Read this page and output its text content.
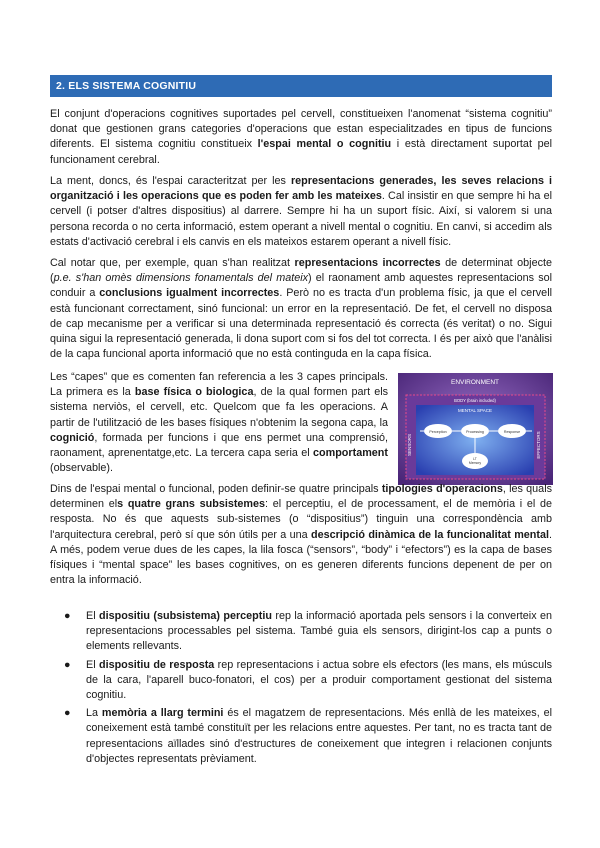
2. ELS SISTEMA COGNITIU

El conjunt d'operacions cognitives suportades pel cervell, constitueixen l'anomenat “sistema cognitiu” donat que gestionen grans categories d'operacions que estan especialitzades en tipus de funcions diferents. El sistema cognitiu constitueix l'espai mental o cognitiu i està directament suportat pel funcionament cerebral.

La ment, doncs, és l'espai caracteritzat per les representacions generades, les seves relacions i organització i les operacions que es poden fer amb les mateixes. Cal insistir en que sempre hi ha el cervell (i potser d'altres dispositius) al darrere. Sempre hi ha un suport físic. Així, si valorem si una persona recorda o no certa informació, estem operant a nivell mental o cognitiu. En canvi, si accedim als estats d'activació cerebral i els canvis en els mateixos estarem operant a nivell físic.

Cal notar que, per exemple, quan s'han realitzat representacions incorrectes de determinat objecte (p.e. s'han omès dimensions fonamentals del mateix) el raonament amb aquestes representacions sol conduir a conclusions igualment incorrectes. Però no es tracta d'un problema físic, ja que el cervell està funcionant correctament, sinó funcional: un error en la representació. De fet, el cervell no disposa de cap mecanisme per a verificar si una determinada representació és correcta (és veritat) o no. Sigui quina sigui la representació generada, li dona suport com si fos del tot correcta. I és per això que l'anàlisi de la capa funcional aporta informació que no està continguda en la capa física.

Les “capes” que es comenten fan referencia a les 3 capes principals. La primera es la base física o biologica, de la qual formen part els sistema nerviòs, el cervell, etc. Quelcom que fa les operacions. A partir de l'utilització de les bases físiques n'obtenim la segona capa, la cognició, formada per funcions i que ens permet una comprensió, raonament, aprenentatge,etc. La tercera capa seria el comportament (observable).

ENVIRONMENT
BODY (brain included)
MENTAL SPACE
SENSORS	EFFECTORS
Perception	Processing	Response
LT
Memory

Dins de l'espai mental o funcional, poden definir-se quatre principals tipologies d'operacions, les quals determinen els quatre grans subsistemes: el perceptiu, el de processament, el de memòria i el de resposta. No és que aquests sub-sistemes (o “dispositius”) tinguin una correspondència amb l'arquitectura cerebral, però sí que són útils per a una descripció dinàmica de la funcionalitat mental. A més, podem verue dues de les capes, la lila fosca (“sensors”, “body” i “efectors”) es la capa de bases físiques i “mental space” les bases cognitives, on es generen diferents funcions depenent de per on entra la informació.

● El dispositiu (subsistema) perceptiu rep la informació aportada pels sensors i la converteix en representacions processables pel sistema. També guia els sensors, dirigint-los cap a punts o elements rellevants.
● El dispositiu de resposta rep representacions i actua sobre els efectors (les mans, els músculs de la cara, l'aparell buco-fonatori, el cos) per a produir comportament gestionat del sistema cognitiu.
● La memòria a llarg termini és el magatzem de representacions. Més enllà de les mateixes, el coneixement està també constituït per les relacions entre aquestes. Per tant, no es tracta tant de representacions aïllades sinó d'estructures de coneixement que integren i relacionen conjunts d'objectes representats prèviament.
